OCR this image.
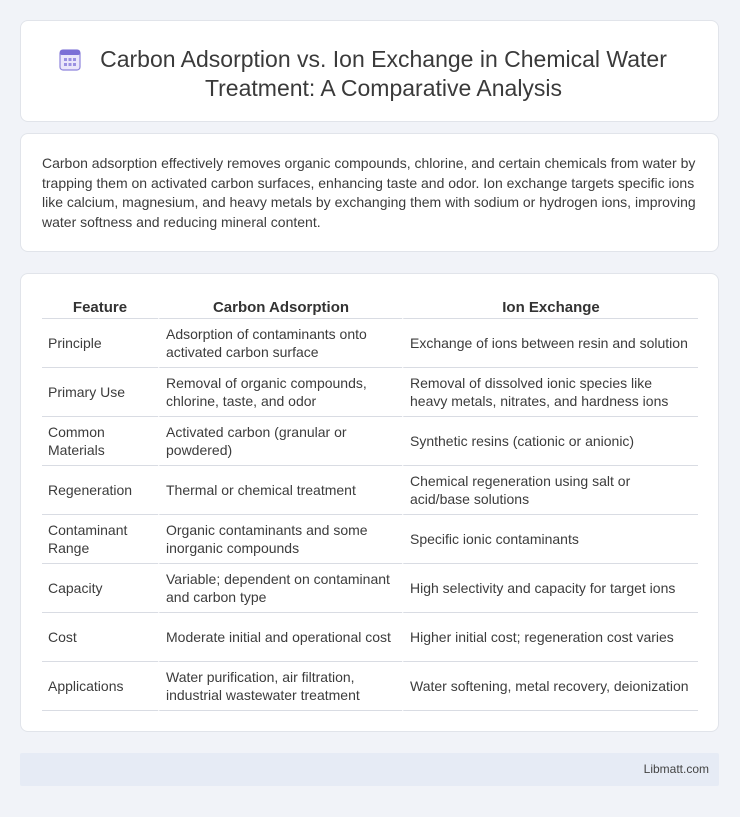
Carbon Adsorption vs. Ion Exchange in Chemical Water Treatment: A Comparative Analysis

Carbon adsorption effectively removes organic compounds, chlorine, and certain chemicals from water by trapping them on activated carbon surfaces, enhancing taste and odor. Ion exchange targets specific ions like calcium, magnesium, and heavy metals by exchanging them with sodium or hydrogen ions, improving water softness and reducing mineral content.

Feature	Carbon Adsorption	Ion Exchange
Principle	Adsorption of contaminants onto activated carbon surface	Exchange of ions between resin and solution
Primary Use	Removal of organic compounds, chlorine, taste, and odor	Removal of dissolved ionic species like heavy metals, nitrates, and hardness ions
Common Materials	Activated carbon (granular or powdered)	Synthetic resins (cationic or anionic)
Regeneration	Thermal or chemical treatment	Chemical regeneration using salt or acid/base solutions
Contaminant Range	Organic contaminants and some inorganic compounds	Specific ionic contaminants
Capacity	Variable; dependent on contaminant and carbon type	High selectivity and capacity for target ions
Cost	Moderate initial and operational cost	Higher initial cost; regeneration cost varies
Applications	Water purification, air filtration, industrial wastewater treatment	Water softening, metal recovery, deionization
Libmatt.com
